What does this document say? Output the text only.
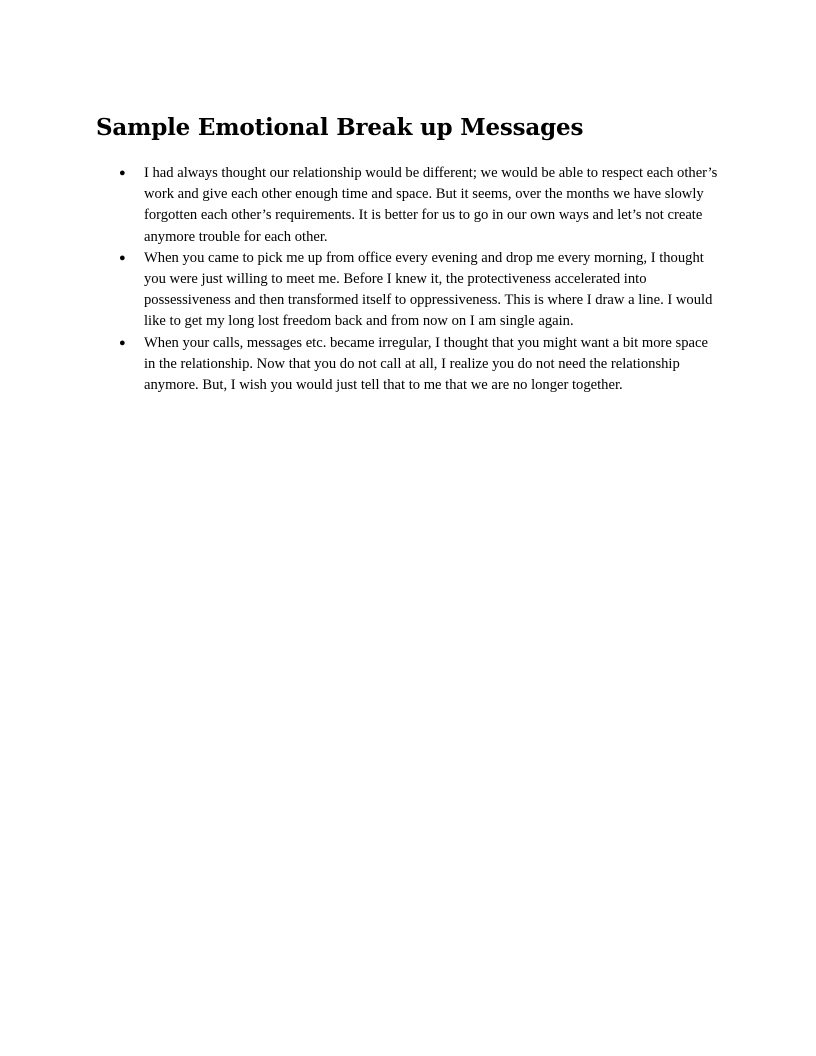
Sample Emotional Break up Messages
● I had always thought our relationship would be different; we would be able to respect each other’s work and give each other enough time and space. But it seems, over the months we have slowly forgotten each other’s requirements. It is better for us to go in our own ways and let’s not create anymore trouble for each other.
● When you came to pick me up from office every evening and drop me every morning, I thought you were just willing to meet me. Before I knew it, the protectiveness accelerated into possessiveness and then transformed itself to oppressiveness. This is where I draw a line. I would like to get my long lost freedom back and from now on I am single again.
● When your calls, messages etc. became irregular, I thought that you might want a bit more space in the relationship. Now that you do not call at all, I realize you do not need the relationship anymore. But, I wish you would just tell that to me that we are no longer together.
